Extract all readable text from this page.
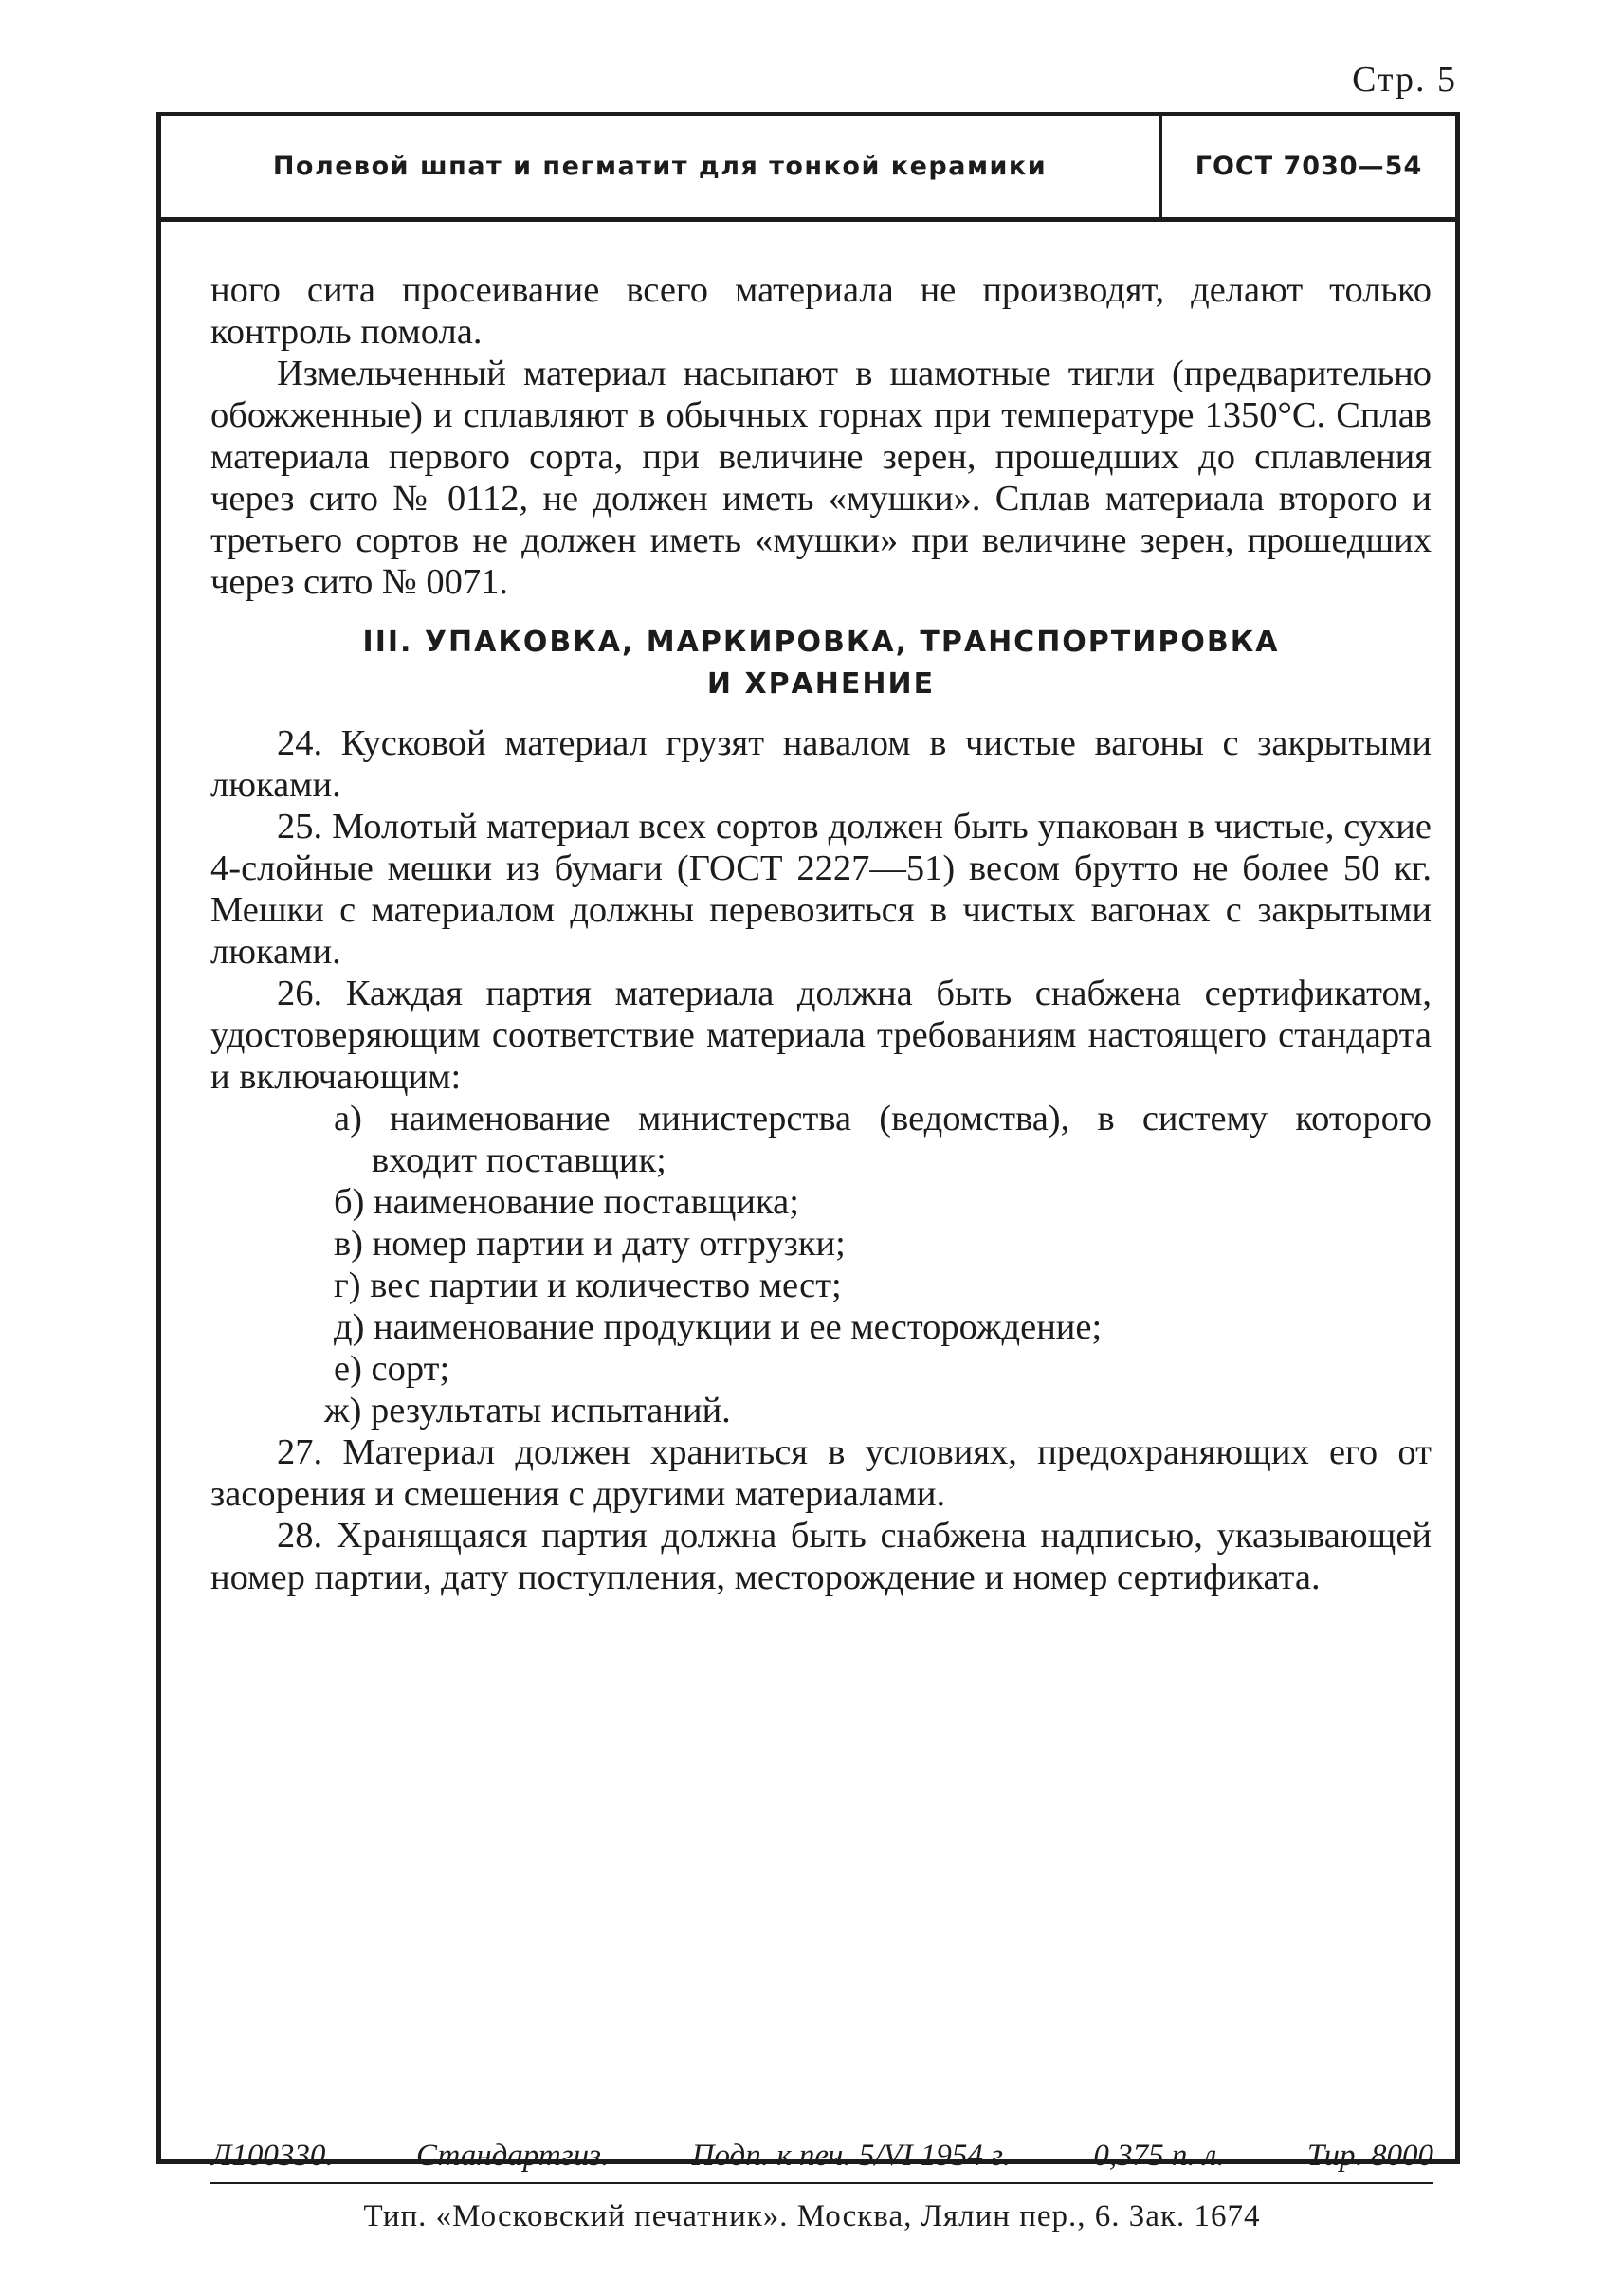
Стр. 5
Полевой шпат и пегматит для тонкой керамики	ГОСТ 7030—54

ного сита просеивание всего материала не производят, делают только контроль помола.

Измельченный материал насыпают в шамотные тигли (предварительно обожженные) и сплавляют в обычных горнах при температуре 1350°С. Сплав материала первого сорта, при величине зерен, прошедших до сплавления через сито № 0112, не должен иметь «мушки». Сплав материала второго и третьего сортов не должен иметь «мушки» при величине зерен, прошедших через сито № 0071.

III. УПАКОВКА, МАРКИРОВКА, ТРАНСПОРТИРОВКА
И ХРАНЕНИЕ

24. Кусковой материал грузят навалом в чистые вагоны с закрытыми люками.

25. Молотый материал всех сортов должен быть упакован в чистые, сухие 4-слойные мешки из бумаги (ГОСТ 2227—51) весом брутто не более 50 кг. Мешки с материалом должны перевозиться в чистых вагонах с закрытыми люками.

26. Каждая партия материала должна быть снабжена сертификатом, удостоверяющим соответствие материала требованиям настоящего стандарта и включающим:

а) наименование министерства (ведомства), в систему которого входит поставщик;
б) наименование поставщика;
в) номер партии и дату отгрузки;
г) вес партии и количество мест;
д) наименование продукции и ее месторождение;
е) сорт;
ж) результаты испытаний.

27. Материал должен храниться в условиях, предохраняющих его от засорения и смешения с другими материалами.

28. Хранящаяся партия должна быть снабжена надписью, указывающей номер партии, дату поступления, месторождение и номер сертификата.

Л100330.	Стандартгиз.	Подп. к печ. 5/VI 1954 г.	0,375 п. л.	Тир. 8000
Тип. «Московский печатник». Москва, Лялин пер., 6. Зак. 1674
